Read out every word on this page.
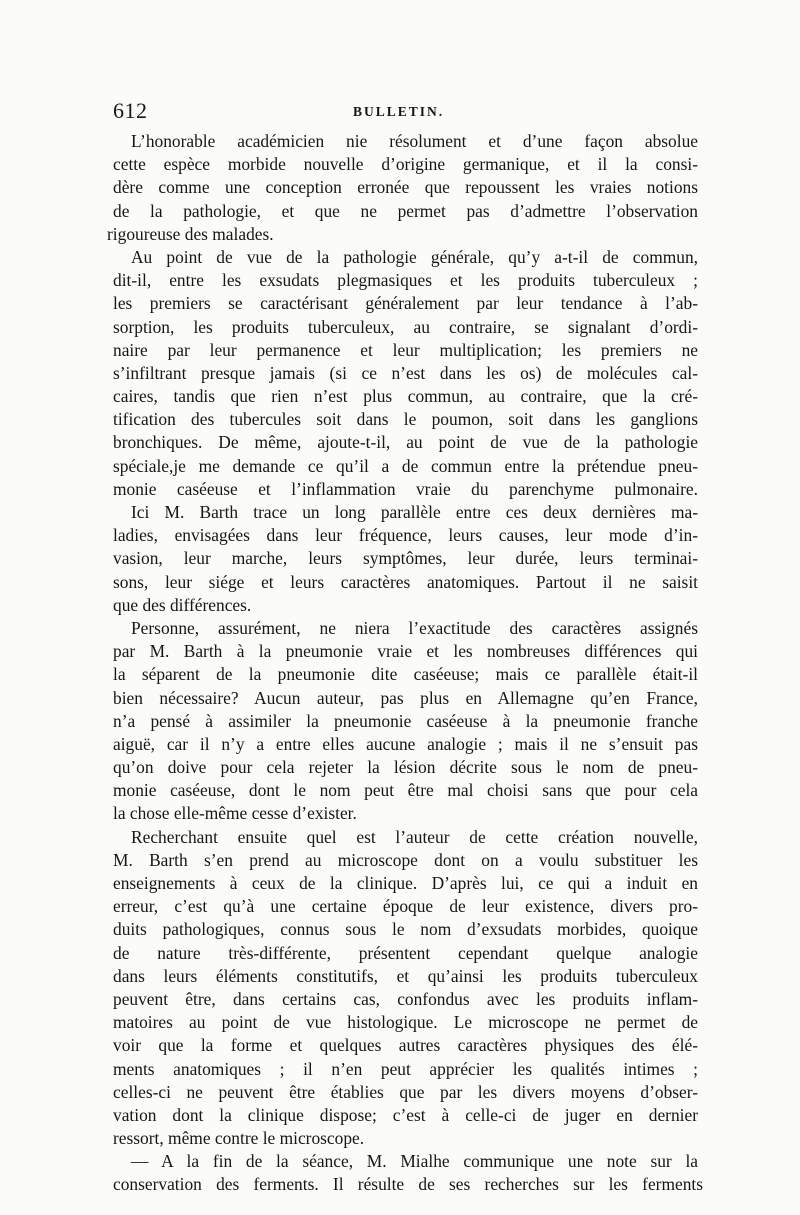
612	BULLETIN.
L’honorable académicien nie résolument et d’une façon absolue
cette espèce morbide nouvelle d’origine germanique, et il la consi-
dère comme une conception erronée que repoussent les vraies notions
de la pathologie, et que ne permet pas d’admettre l’observation
rigoureuse des malades.
Au point de vue de la pathologie générale, qu’y a-t-il de commun,
dit-il, entre les exsudats plegmasiques et les produits tuberculeux ;
les premiers se caractérisant généralement par leur tendance à l’ab-
sorption, les produits tuberculeux, au contraire, se signalant d’ordi-
naire par leur permanence et leur multiplication; les premiers ne
s’infiltrant presque jamais (si ce n’est dans les os) de molécules cal-
caires, tandis que rien n’est plus commun, au contraire, que la cré-
tification des tubercules soit dans le poumon, soit dans les ganglions
bronchiques. De même, ajoute-t-il, au point de vue de la pathologie
spéciale,je me demande ce qu’il a de commun entre la prétendue pneu-
monie caséeuse et l’inflammation vraie du parenchyme pulmonaire.
Ici M. Barth trace un long parallèle entre ces deux dernières ma-
ladies, envisagées dans leur fréquence, leurs causes, leur mode d’in-
vasion, leur marche, leurs symptômes, leur durée, leurs terminai-
sons, leur siége et leurs caractères anatomiques. Partout il ne saisit
que des différences.
Personne, assurément, ne niera l’exactitude des caractères assignés
par M. Barth à la pneumonie vraie et les nombreuses différences qui
la séparent de la pneumonie dite caséeuse; mais ce parallèle était-il
bien nécessaire? Aucun auteur, pas plus en Allemagne qu’en France,
n’a pensé à assimiler la pneumonie caséeuse à la pneumonie franche
aiguë, car il n’y a entre elles aucune analogie ; mais il ne s’ensuit pas
qu’on doive pour cela rejeter la lésion décrite sous le nom de pneu-
monie caséeuse, dont le nom peut être mal choisi sans que pour cela
la chose elle-même cesse d’exister.
Recherchant ensuite quel est l’auteur de cette création nouvelle,
M. Barth s’en prend au microscope dont on a voulu substituer les
enseignements à ceux de la clinique. D’après lui, ce qui a induit en
erreur, c’est qu’à une certaine époque de leur existence, divers pro-
duits pathologiques, connus sous le nom d’exsudats morbides, quoique
de nature très-différente, présentent cependant quelque analogie
dans leurs éléments constitutifs, et qu’ainsi les produits tuberculeux
peuvent être, dans certains cas, confondus avec les produits inflam-
matoires au point de vue histologique. Le microscope ne permet de
voir que la forme et quelques autres caractères physiques des élé-
ments anatomiques ; il n’en peut apprécier les qualités intimes ;
celles-ci ne peuvent être établies que par les divers moyens d’obser-
vation dont la clinique dispose; c’est à celle-ci de juger en dernier
ressort, même contre le microscope.
— A la fin de la séance, M. Mialhe communique une note sur la
conservation des ferments. Il résulte de ses recherches sur les ferments
